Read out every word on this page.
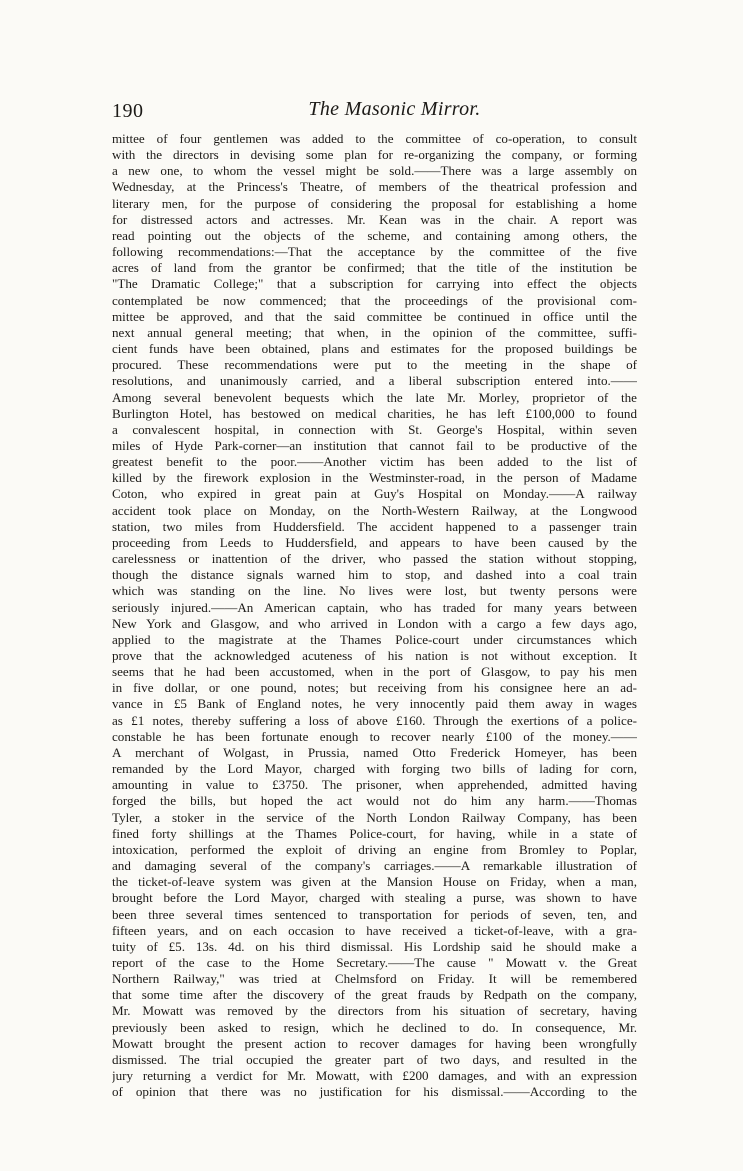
190	The Masonic Mirror.
mittee of four gentlemen was added to the committee of co-operation, to consult
with the directors in devising some plan for re-organizing the company, or forming
a new one, to whom the vessel might be sold.——There was a large assembly on
Wednesday, at the Princess's Theatre, of members of the theatrical profession and
literary men, for the purpose of considering the proposal for establishing a home
for distressed actors and actresses. Mr. Kean was in the chair. A report was
read pointing out the objects of the scheme, and containing among others, the
following recommendations:—That the acceptance by the committee of the five
acres of land from the grantor be confirmed; that the title of the institution be
"The Dramatic College;" that a subscription for carrying into effect the objects
contemplated be now commenced; that the proceedings of the provisional com-
mittee be approved, and that the said committee be continued in office until the
next annual general meeting; that when, in the opinion of the committee, suffi-
cient funds have been obtained, plans and estimates for the proposed buildings be
procured. These recommendations were put to the meeting in the shape of
resolutions, and unanimously carried, and a liberal subscription entered into.——
Among several benevolent bequests which the late Mr. Morley, proprietor of the
Burlington Hotel, has bestowed on medical charities, he has left £100,000 to found
a convalescent hospital, in connection with St. George's Hospital, within seven
miles of Hyde Park-corner—an institution that cannot fail to be productive of the
greatest benefit to the poor.——Another victim has been added to the list of
killed by the firework explosion in the Westminster-road, in the person of Madame
Coton, who expired in great pain at Guy's Hospital on Monday.——A railway
accident took place on Monday, on the North-Western Railway, at the Longwood
station, two miles from Huddersfield. The accident happened to a passenger train
proceeding from Leeds to Huddersfield, and appears to have been caused by the
carelessness or inattention of the driver, who passed the station without stopping,
though the distance signals warned him to stop, and dashed into a coal train
which was standing on the line. No lives were lost, but twenty persons were
seriously injured.——An American captain, who has traded for many years between
New York and Glasgow, and who arrived in London with a cargo a few days ago,
applied to the magistrate at the Thames Police-court under circumstances which
prove that the acknowledged acuteness of his nation is not without exception. It
seems that he had been accustomed, when in the port of Glasgow, to pay his men
in five dollar, or one pound, notes; but receiving from his consignee here an ad-
vance in £5 Bank of England notes, he very innocently paid them away in wages
as £1 notes, thereby suffering a loss of above £160. Through the exertions of a police-
constable he has been fortunate enough to recover nearly £100 of the money.——
A merchant of Wolgast, in Prussia, named Otto Frederick Homeyer, has been
remanded by the Lord Mayor, charged with forging two bills of lading for corn,
amounting in value to £3750. The prisoner, when apprehended, admitted having
forged the bills, but hoped the act would not do him any harm.——Thomas
Tyler, a stoker in the service of the North London Railway Company, has been
fined forty shillings at the Thames Police-court, for having, while in a state of
intoxication, performed the exploit of driving an engine from Bromley to Poplar,
and damaging several of the company's carriages.——A remarkable illustration of
the ticket-of-leave system was given at the Mansion House on Friday, when a man,
brought before the Lord Mayor, charged with stealing a purse, was shown to have
been three several times sentenced to transportation for periods of seven, ten, and
fifteen years, and on each occasion to have received a ticket-of-leave, with a gra-
tuity of £5. 13s. 4d. on his third dismissal. His Lordship said he should make a
report of the case to the Home Secretary.——The cause " Mowatt v. the Great
Northern Railway," was tried at Chelmsford on Friday. It will be remembered
that some time after the discovery of the great frauds by Redpath on the company,
Mr. Mowatt was removed by the directors from his situation of secretary, having
previously been asked to resign, which he declined to do. In consequence, Mr.
Mowatt brought the present action to recover damages for having been wrongfully
dismissed. The trial occupied the greater part of two days, and resulted in the
jury returning a verdict for Mr. Mowatt, with £200 damages, and with an expression
of opinion that there was no justification for his dismissal.——According to the
